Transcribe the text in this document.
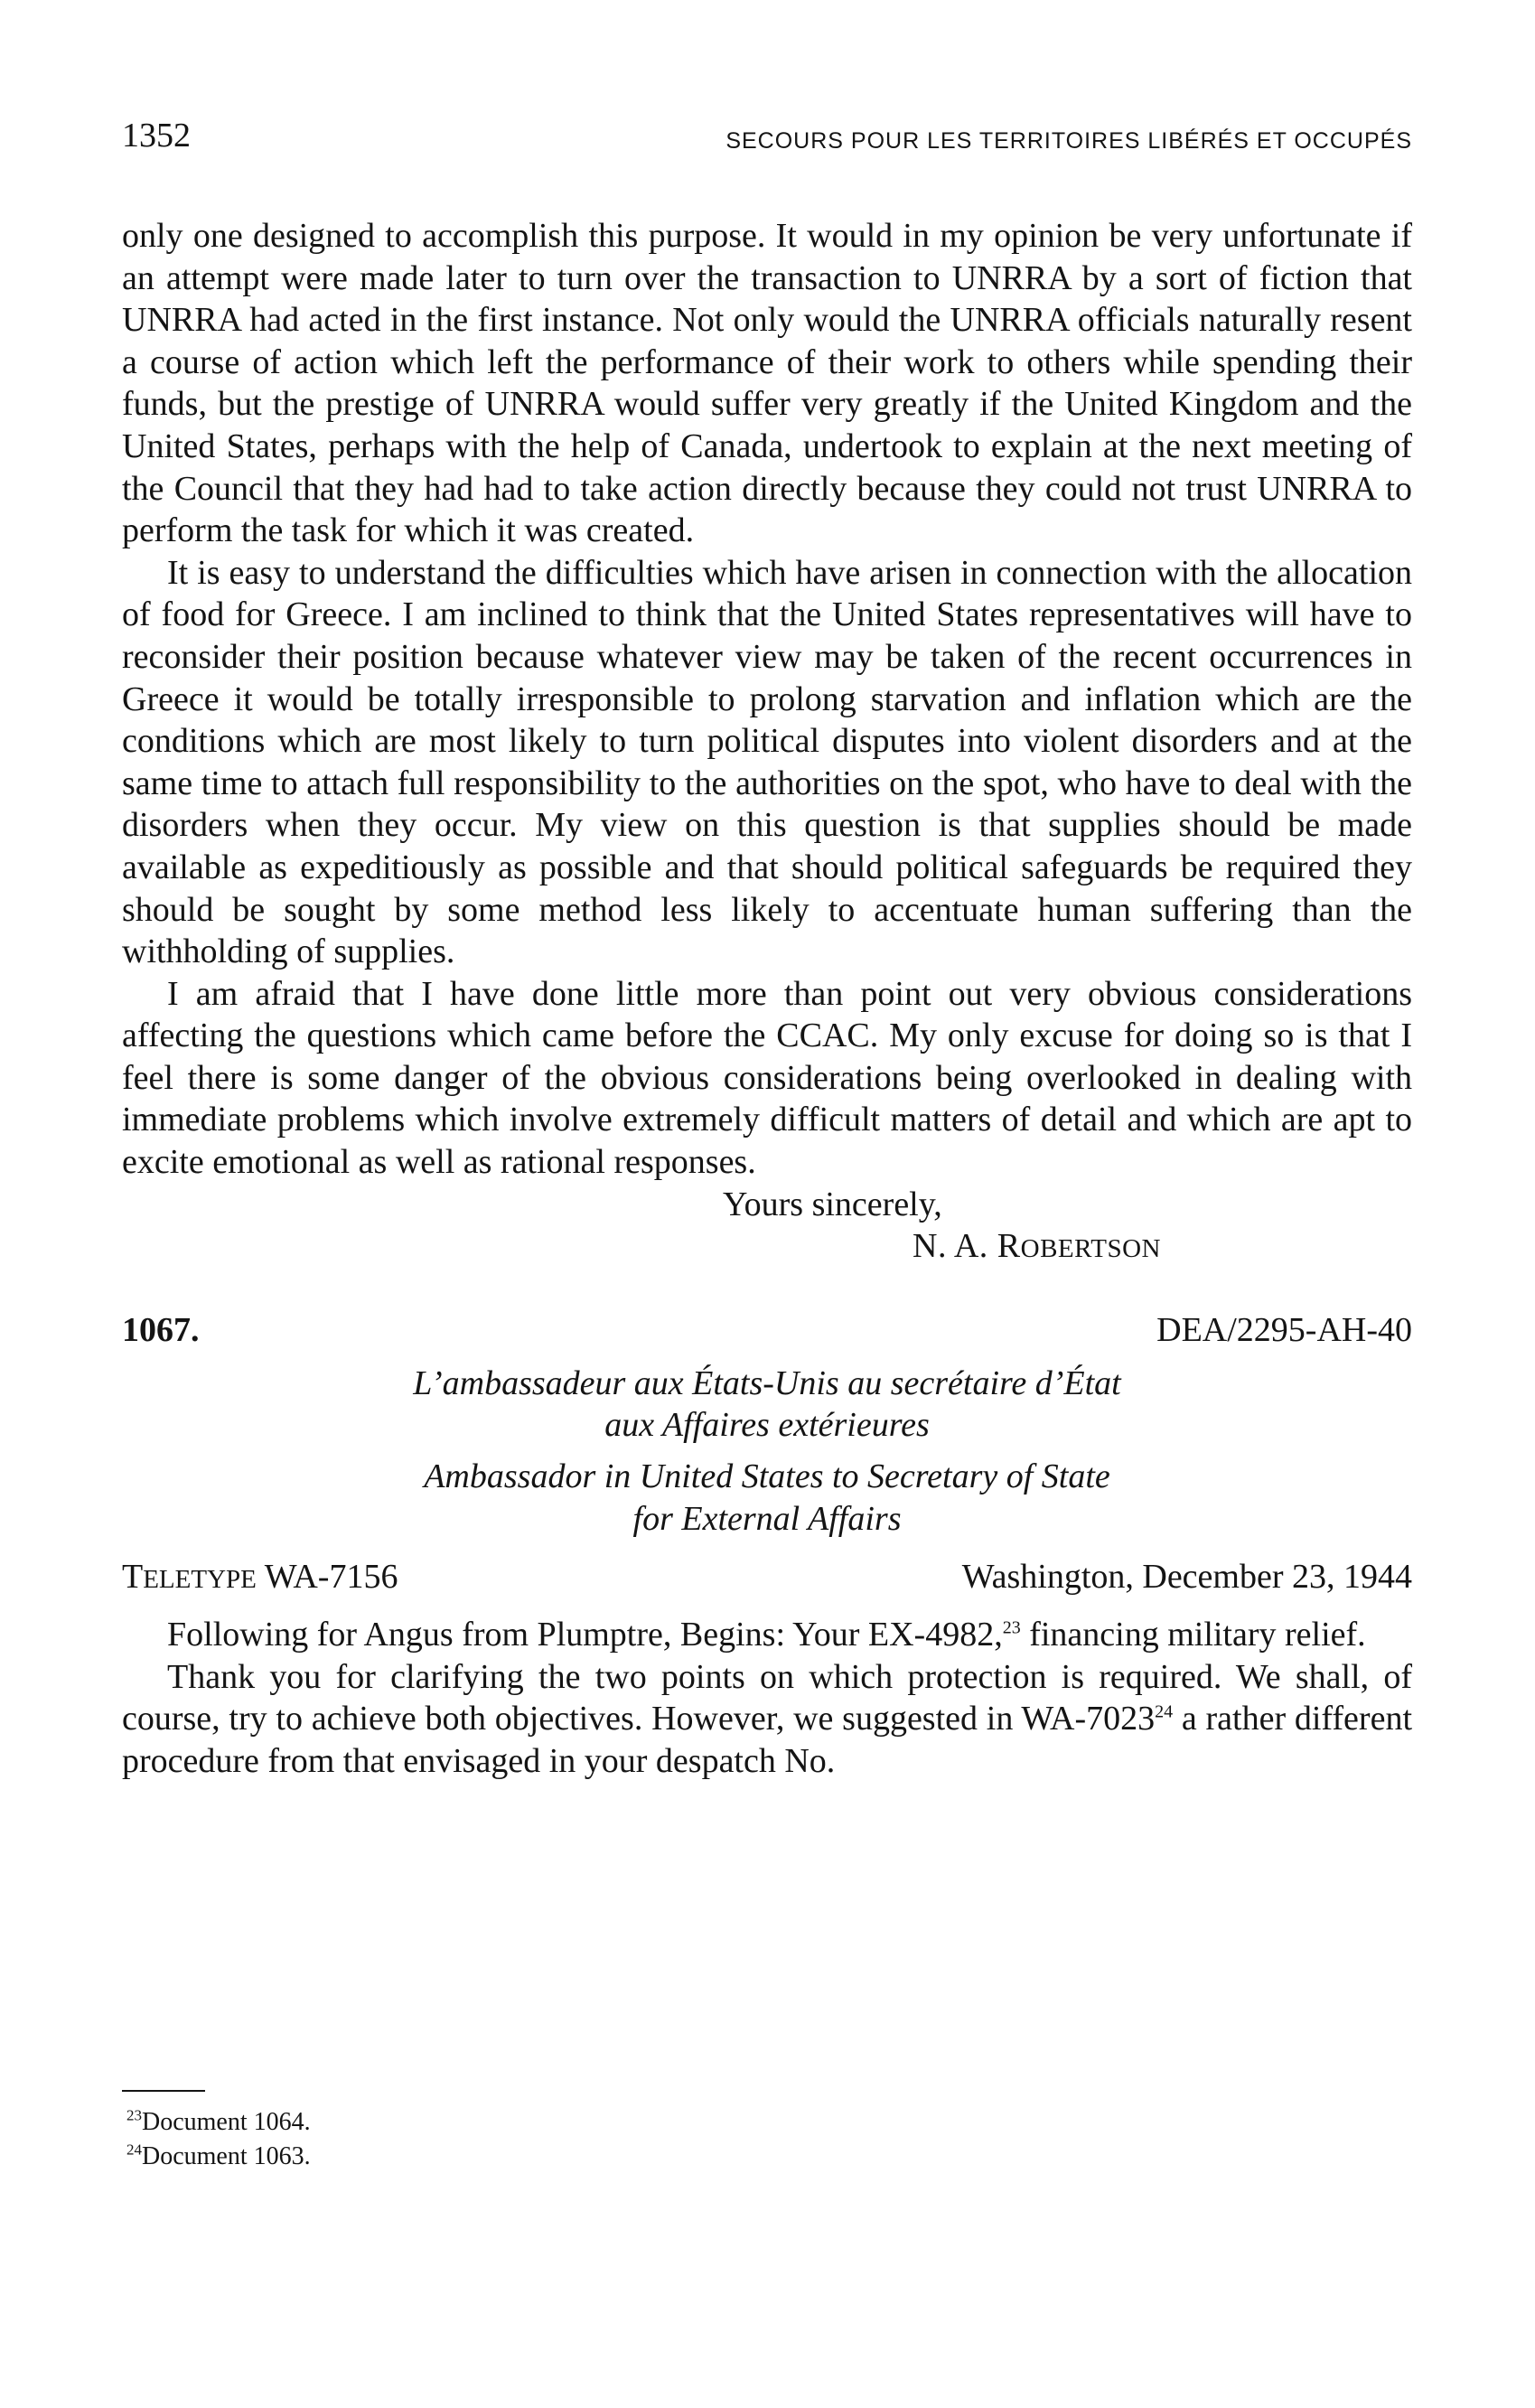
1352	SECOURS POUR LES TERRITOIRES LIBÉRÉS ET OCCUPÉS

only one designed to accomplish this purpose. It would in my opinion be very unfortunate if an attempt were made later to turn over the transaction to UNRRA by a sort of fiction that UNRRA had acted in the first instance. Not only would the UNRRA officials naturally resent a course of action which left the performance of their work to others while spending their funds, but the prestige of UNRRA would suffer very greatly if the United Kingdom and the United States, perhaps with the help of Canada, undertook to explain at the next meeting of the Council that they had had to take action directly because they could not trust UNRRA to perform the task for which it was created.

It is easy to understand the difficulties which have arisen in connection with the allocation of food for Greece. I am inclined to think that the United States representatives will have to reconsider their position because whatever view may be taken of the recent occurrences in Greece it would be totally irresponsible to prolong starvation and inflation which are the conditions which are most likely to turn political disputes into violent disorders and at the same time to attach full responsibility to the authorities on the spot, who have to deal with the disorders when they occur. My view on this question is that supplies should be made available as expeditiously as possible and that should political safeguards be required they should be sought by some method less likely to accentuate human suffering than the withholding of supplies.

I am afraid that I have done little more than point out very obvious considerations affecting the questions which came before the CCAC. My only excuse for doing so is that I feel there is some danger of the obvious considerations being overlooked in dealing with immediate problems which involve extremely difficult matters of detail and which are apt to excite emotional as well as rational responses.

Yours sincerely,

N. A. ROBERTSON

1067.	DEA/2295-AH-40

L’ambassadeur aux États-Unis au secrétaire d’État

aux Affaires extérieures

Ambassador in United States to Secretary of State

for External Affairs

TELETYPE WA-7156	Washington, December 23, 1944

Following for Angus from Plumptre, Begins: Your EX-4982,23 financing military relief.

Thank you for clarifying the two points on which protection is required. We shall, of course, try to achieve both objectives. However, we suggested in WA-7023$^{24}$ a rather different procedure from that envisaged in your despatch No.

$^{23}$Document 1064.
$^{24}$Document 1063.
